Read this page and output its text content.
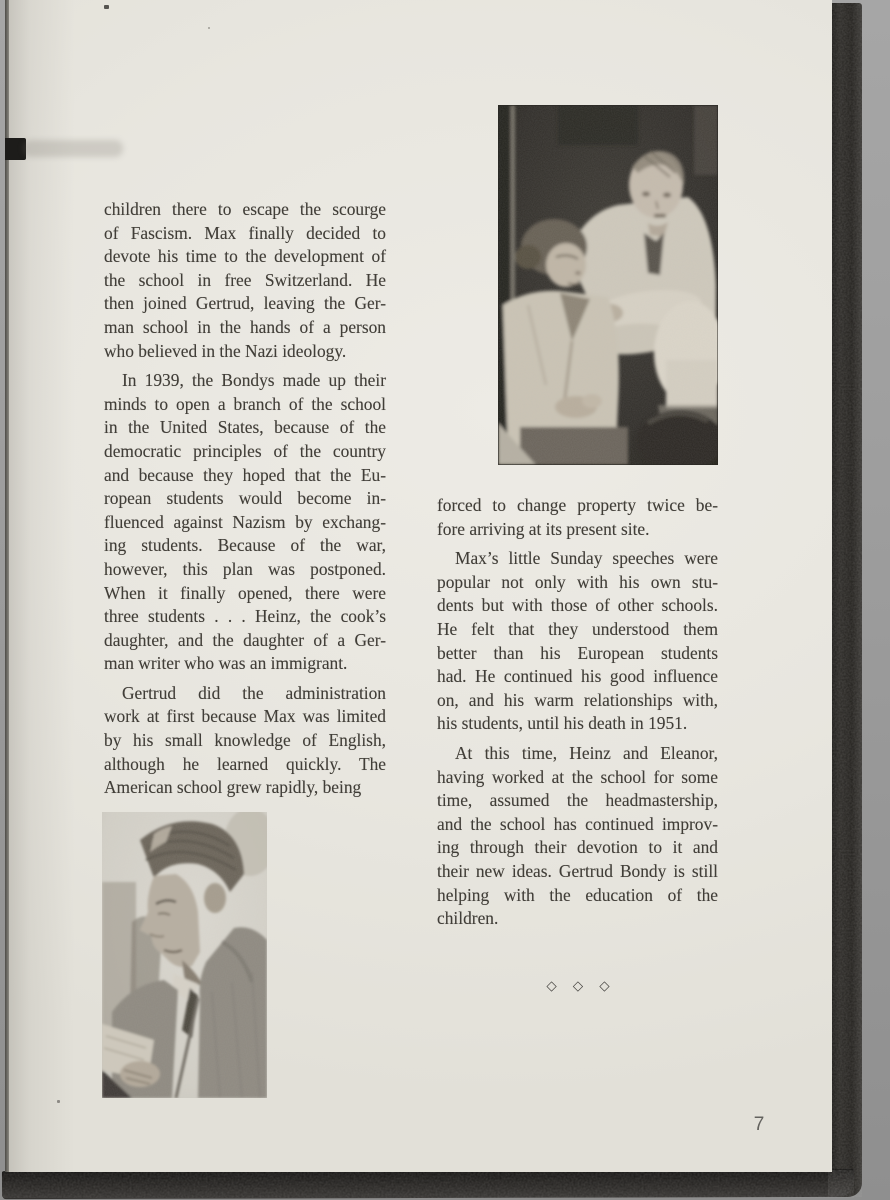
children there to escape the scourge
of Fascism. Max finally decided to
devote his time to the development of
the school in free Switzerland. He
then joined Gertrud, leaving the Ger-
man school in the hands of a person
who believed in the Nazi ideology.

In 1939, the Bondys made up their
minds to open a branch of the school
in the United States, because of the
democratic principles of the country
and because they hoped that the Eu-
ropean students would become in-
fluenced against Nazism by exchang-
ing students. Because of the war,
however, this plan was postponed.
When it finally opened, there were
three students . . . Heinz, the cook’s
daughter, and the daughter of a Ger-
man writer who was an immigrant.

Gertrud did the administration
work at first because Max was limited
by his small knowledge of English,
although he learned quickly. The
American school grew rapidly, being

forced to change property twice be-
fore arriving at its present site.

Max’s little Sunday speeches were
popular not only with his own stu-
dents but with those of other schools.
He felt that they understood them
better than his European students
had. He continued his good influence
on, and his warm relationships with,
his students, until his death in 1951.

At this time, Heinz and Eleanor,
having worked at the school for some
time, assumed the headmastership,
and the school has continued improv-
ing through their devotion to it and
their new ideas. Gertrud Bondy is still
helping with the education of the
children.

◇ ◇ ◇
7
